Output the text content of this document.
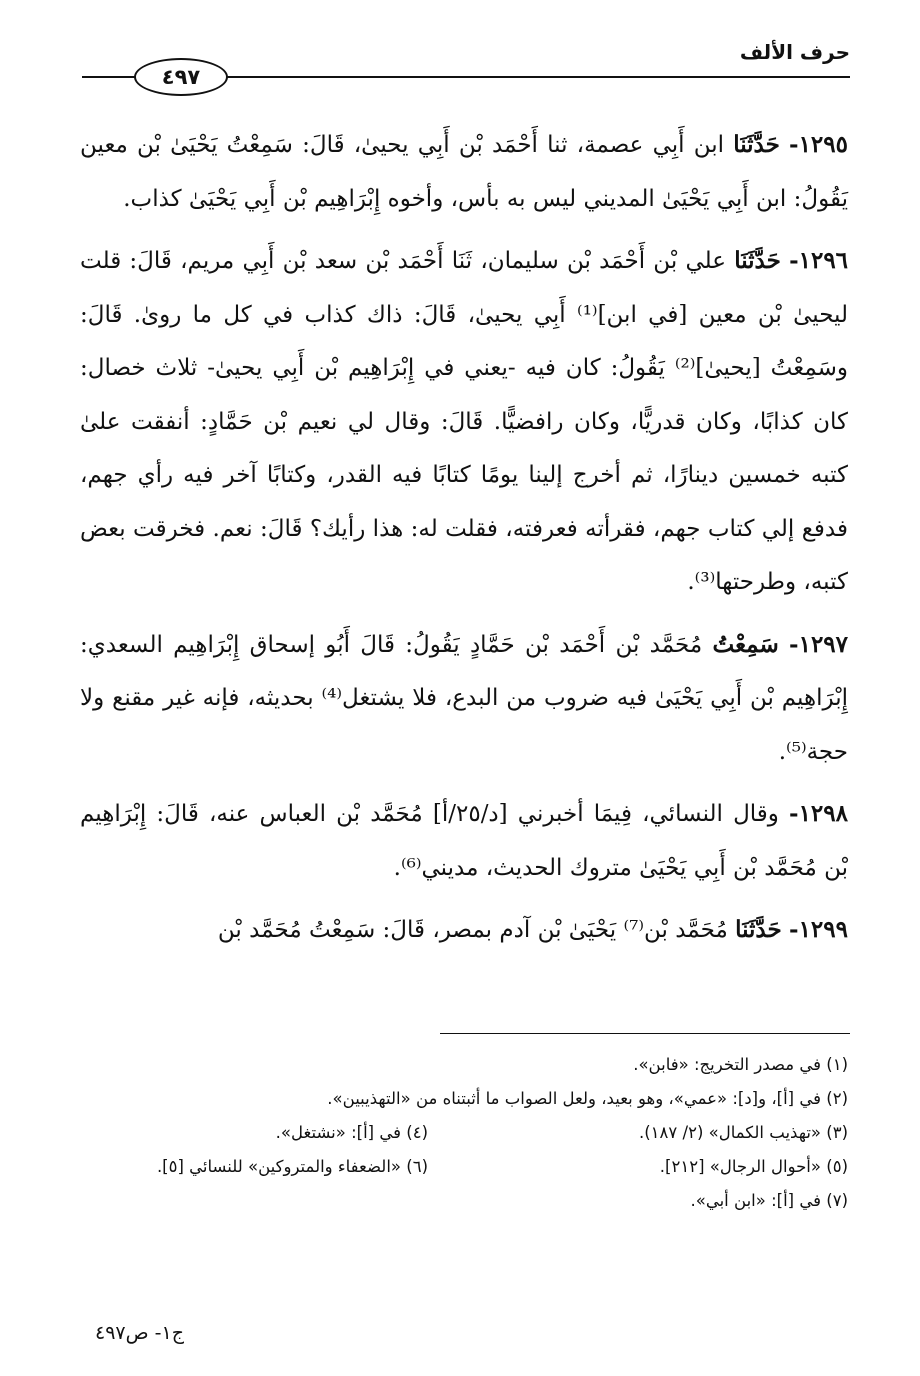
حرف الألف
٤٩٧

١٢٩٥- حَدَّثَنَا ابن أَبِي عصمة، ثنا أَحْمَد بْن أَبِي يحيىٰ، قَالَ: سَمِعْتُ يَحْيَىٰ بْن معين يَقُولُ: ابن أَبِي يَحْيَىٰ المديني ليس به بأس، وأخوه إِبْرَاهِيم بْن أَبِي يَحْيَىٰ كذاب.

١٢٩٦- حَدَّثَنَا علي بْن أَحْمَد بْن سليمان، ثَنَا أَحْمَد بْن سعد بْن أَبِي مريم، قَالَ: قلت ليحيىٰ بْن معين [في ابن]⁽¹⁾ أَبِي يحيىٰ، قَالَ: ذاك كذاب في كل ما روىٰ. قَالَ: وسَمِعْتُ [يحيىٰ]⁽²⁾ يَقُولُ: كان فيه -يعني في إِبْرَاهِيم بْن أَبِي يحيىٰ- ثلاث خصال: كان كذابًا، وكان قدريًّا، وكان رافضيًّا. قَالَ: وقال لي نعيم بْن حَمَّادٍ: أنفقت علىٰ كتبه خمسين دينارًا، ثم أخرج إلينا يومًا كتابًا فيه القدر، وكتابًا آخر فيه رأي جهم، فدفع إلي كتاب جهم، فقرأته فعرفته، فقلت له: هذا رأيك؟ قَالَ: نعم. فخرقت بعض كتبه، وطرحتها⁽³⁾.

١٢٩٧- سَمِعْتُ مُحَمَّد بْن أَحْمَد بْن حَمَّادٍ يَقُولُ: قَالَ أَبُو إسحاق إِبْرَاهِيم السعدي: إِبْرَاهِيم بْن أَبِي يَحْيَىٰ فيه ضروب من البدع، فلا يشتغل⁽⁴⁾ بحديثه، فإنه غير مقنع ولا حجة⁽⁵⁾.

١٢٩٨- وقال النسائي، فِيمَا أخبرني [د/٢٥/أ] مُحَمَّد بْن العباس عنه، قَالَ: إِبْرَاهِيم بْن مُحَمَّد بْن أَبِي يَحْيَىٰ متروك الحديث، مديني⁽⁶⁾.

١٢٩٩- حَدَّثَنَا مُحَمَّد بْن⁽⁷⁾ يَحْيَىٰ بْن آدم بمصر، قَالَ: سَمِعْتُ مُحَمَّد بْن

(١) في مصدر التخريج: «فابن».
(٢) في [أ]، و[د]: «عمي»، وهو بعيد، ولعل الصواب ما أثبتناه من «التهذيبين».
(٣) «تهذيب الكمال» (٢/ ١٨٧).
(٤) في [أ]: «نشتغل».
(٥) «أحوال الرجال» [٢١٢].
(٦) «الضعفاء والمتروكين» للنسائي [٥].
(٧) في [أ]: «ابن أبي».
ج١- ص٤٩٧
